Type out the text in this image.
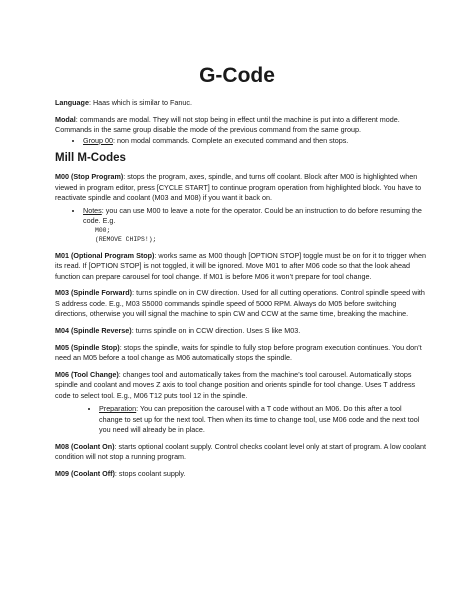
G-Code

Language: Haas which is similar to Fanuc.

Modal: commands are modal. They will not stop being in effect until the machine is put into a different mode. Commands in the same group disable the mode of the previous command from the same group.

• Group 00: non modal commands. Complete an executed command and then stops.
Mill M-Codes

M00 (Stop Program): stops the program, axes, spindle, and turns off coolant. Block after M00 is highlighted when viewed in program editor, press [CYCLE START] to continue program operation from highlighted block. You have to reactivate spindle and coolant (M03 and M08) if you want it back on.

• Notes: you can use M00 to leave a note for the operator. Could be an instruction to do before resuming the code. E.g.
M00;
(REMOVE CHIPS!);

M01 (Optional Program Stop): works same as M00 though [OPTION STOP] toggle must be on for it to trigger when its read. If [OPTION STOP] is not toggled, it will be ignored. Move M01 to after M06 code so that the look ahead function can prepare carousel for tool change. If M01 is before M06 it won’t prepare for tool change.

M03 (Spindle Forward): turns spindle on in CW direction. Used for all cutting operations. Control spindle speed with S address code. E.g., M03 S5000 commands spindle speed of 5000 RPM. Always do M05 before switching directions, otherwise you will signal the machine to spin CW and CCW at the same time, breaking the machine.

M04 (Spindle Reverse): turns spindle on in CCW direction. Uses S like M03.

M05 (Spindle Stop): stops the spindle, waits for spindle to fully stop before program execution continues. You don’t need an M05 before a tool change as M06 automatically stops the spindle.

M06 (Tool Change): changes tool and automatically takes from the machine’s tool carousel. Automatically stops spindle and coolant and moves Z axis to tool change position and orients spindle for tool change. Uses T address code to select tool. E.g., M06 T12 puts tool 12 in the spindle.

• Preparation: You can preposition the carousel with a T code without an M06. Do this after a tool change to set up for the next tool. Then when its time to change tool, use M06 code and the next tool you need will already be in place.

M08 (Coolant On): starts optional coolant supply. Control checks coolant level only at start of program. A low coolant condition will not stop a running program.

M09 (Coolant Off): stops coolant supply.
